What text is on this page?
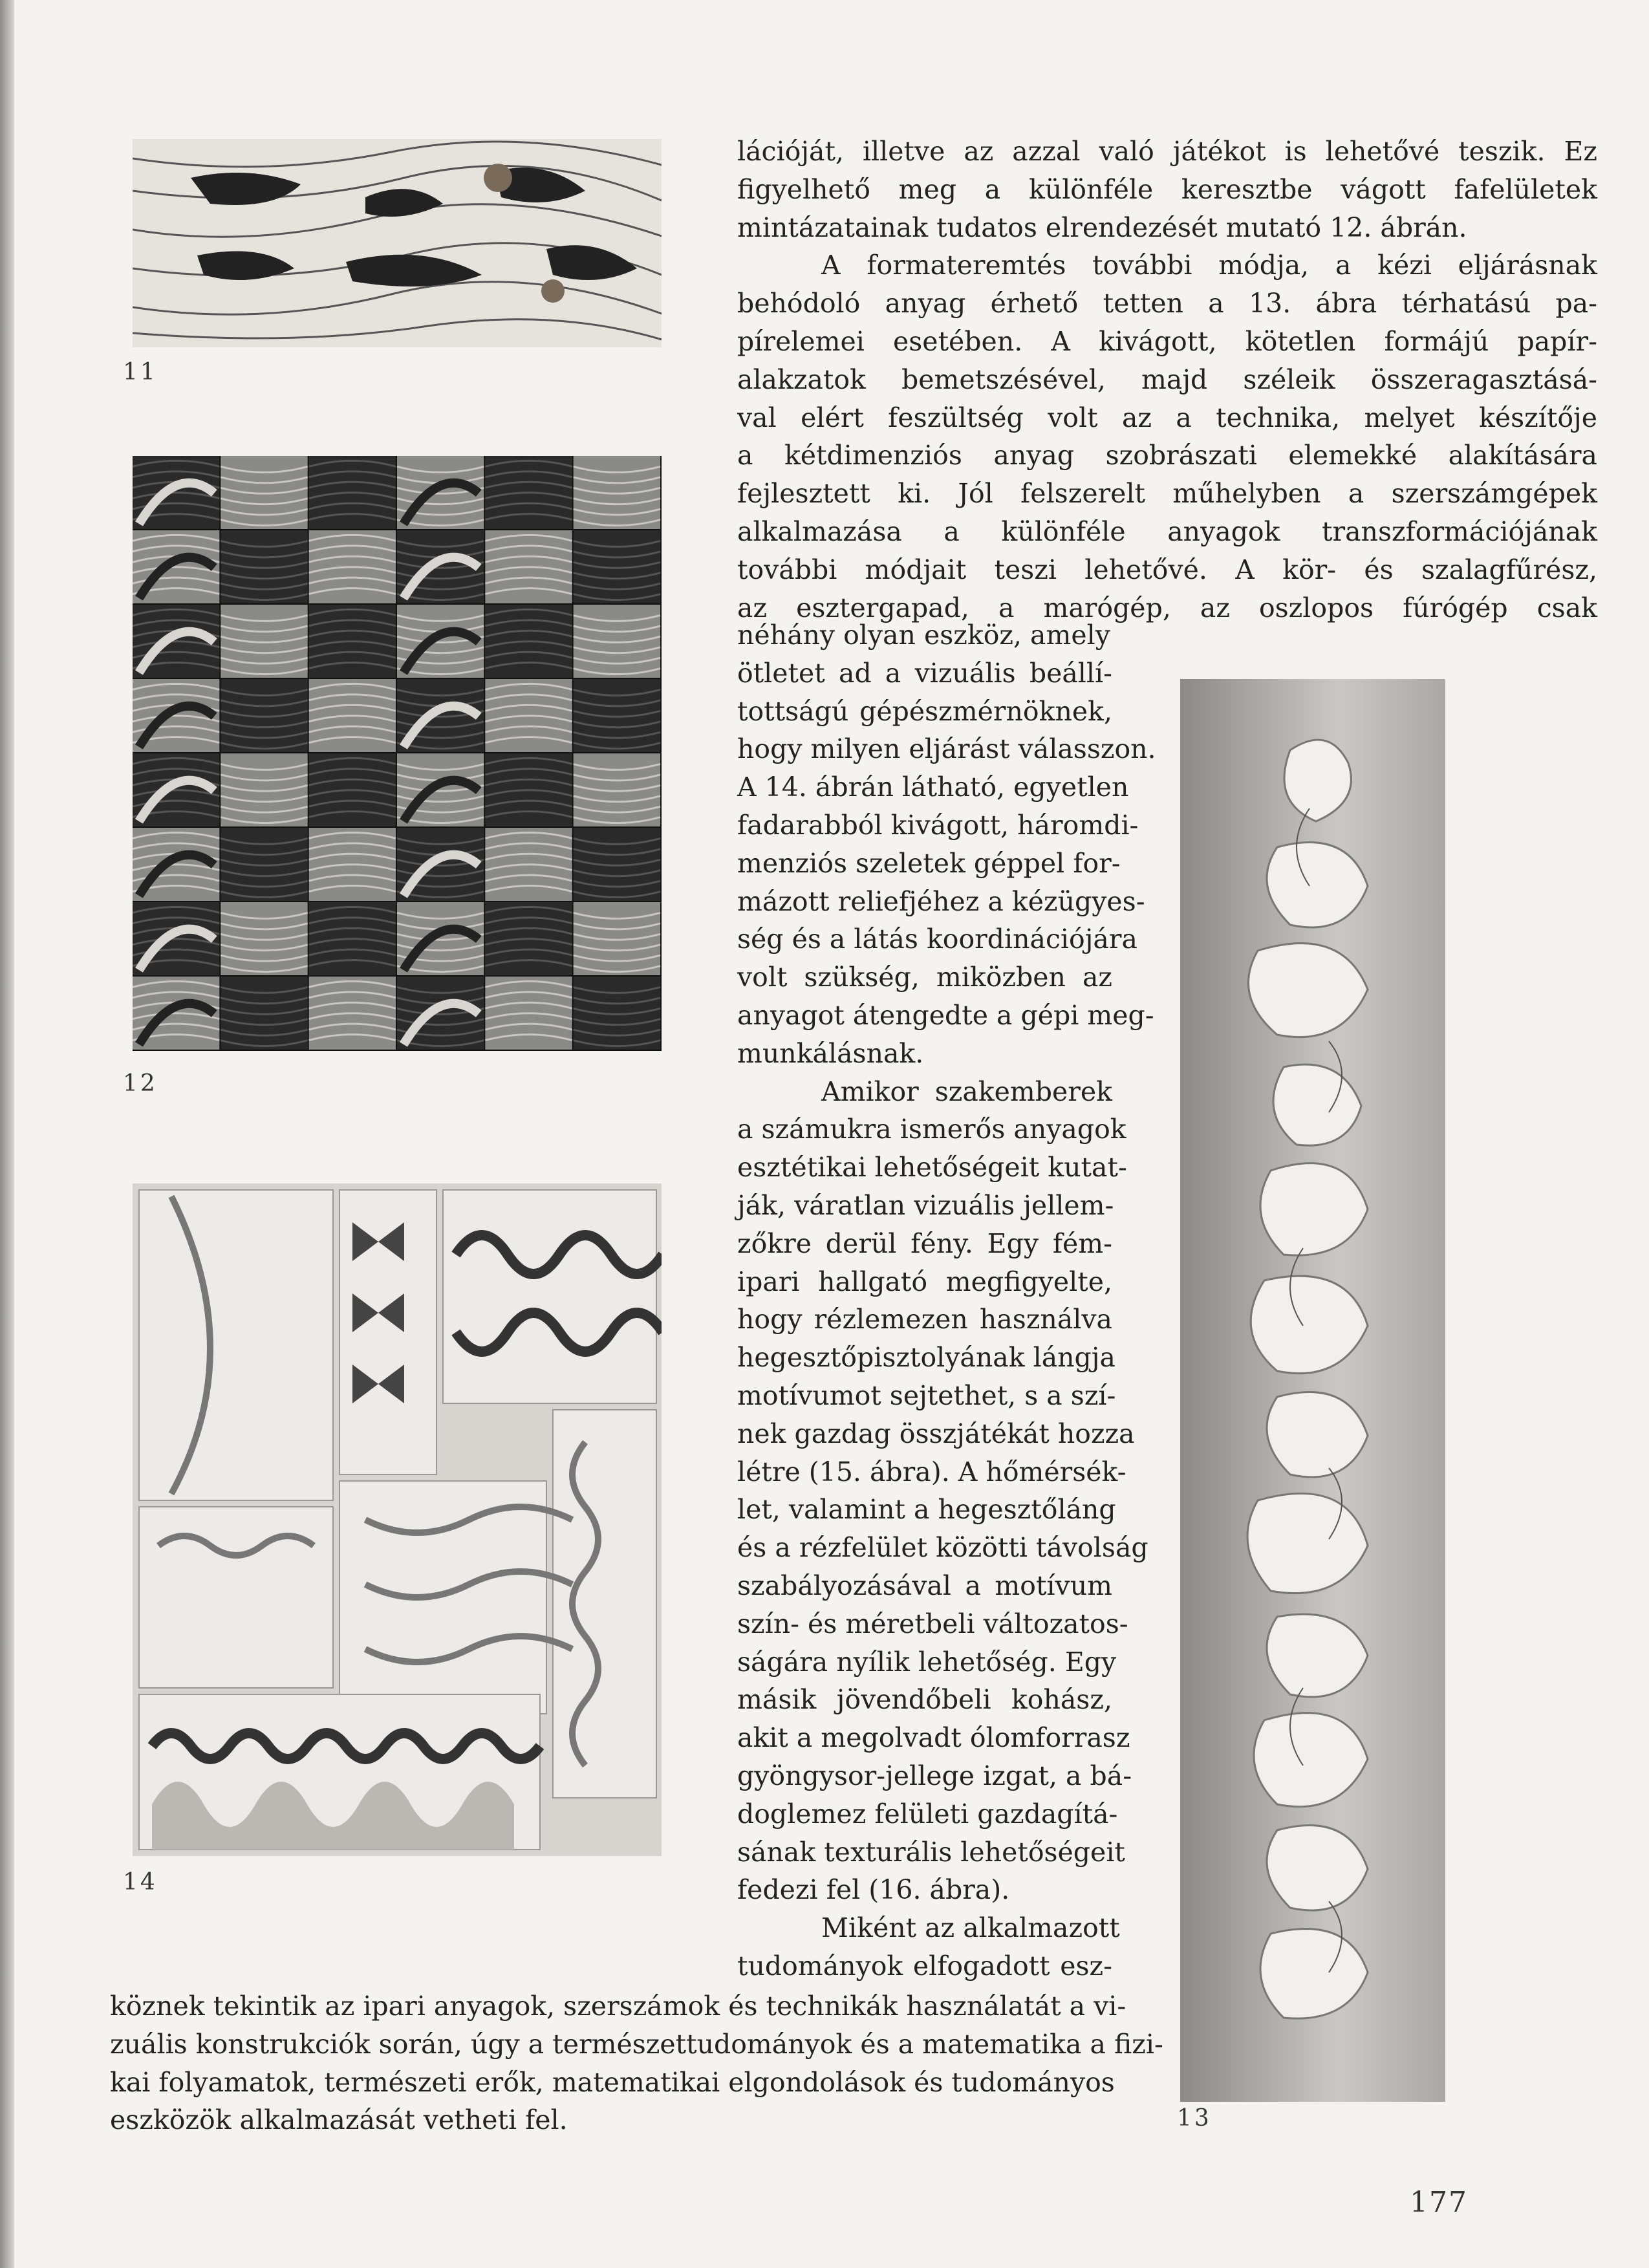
11
12
14
13
lációját, illetve az azzal való játékot is lehetővé teszik. Ez
figyelhető meg a különféle keresztbe vágott fafelületek
mintázatainak tudatos elrendezését mutató 12. ábrán.
A formateremtés további módja, a kézi eljárásnak
behódoló anyag érhető tetten a 13. ábra térhatású pa-
pírelemei esetében. A kivágott, kötetlen formájú papír-
alakzatok bemetszésével, majd széleik összeragasztásá-
val elért feszültség volt az a technika, melyet készítője
a kétdimenziós anyag szobrászati elemekké alakítására
fejlesztett ki. Jól felszerelt műhelyben a szerszámgépek
alkalmazása a különféle anyagok transzformációjának
további módjait teszi lehetővé. A kör- és szalagfűrész,
az esztergapad, a marógép, az oszlopos fúrógép csak
néhány olyan eszköz, amely
ötletet ad a vizuális beállí-
tottságú gépészmérnöknek,
hogy milyen eljárást válasszon.
A 14. ábrán látható, egyetlen
fadarabból kivágott, háromdi-
menziós szeletek géppel for-
mázott reliefjéhez a kézügyes-
ség és a látás koordinációjára
volt szükség, miközben az
anyagot átengedte a gépi meg-
munkálásnak.
Amikor szakemberek
a számukra ismerős anyagok
esztétikai lehetőségeit kutat-
ják, váratlan vizuális jellem-
zőkre derül fény. Egy fém-
ipari hallgató megfigyelte,
hogy rézlemezen használva
hegesztőpisztolyának lángja
motívumot sejtethet, s a szí-
nek gazdag összjátékát hozza
létre (15. ábra). A hőmérsék-
let, valamint a hegesztőláng
és a rézfelület közötti távolság
szabályozásával a motívum
szín- és méretbeli változatos-
ságára nyílik lehetőség. Egy
másik jövendőbeli kohász,
akit a megolvadt ólomforrasz
gyöngysor-jellege izgat, a bá-
doglemez felületi gazdagítá-
sának texturális lehetőségeit
fedezi fel (16. ábra).
Miként az alkalmazott
tudományok elfogadott esz-
köznek tekintik az ipari anyagok, szerszámok és technikák használatát a vi-
zuális konstrukciók során, úgy a természettudományok és a matematika a fizi-
kai folyamatok, természeti erők, matematikai elgondolások és tudományos
eszközök alkalmazását vetheti fel.
177
